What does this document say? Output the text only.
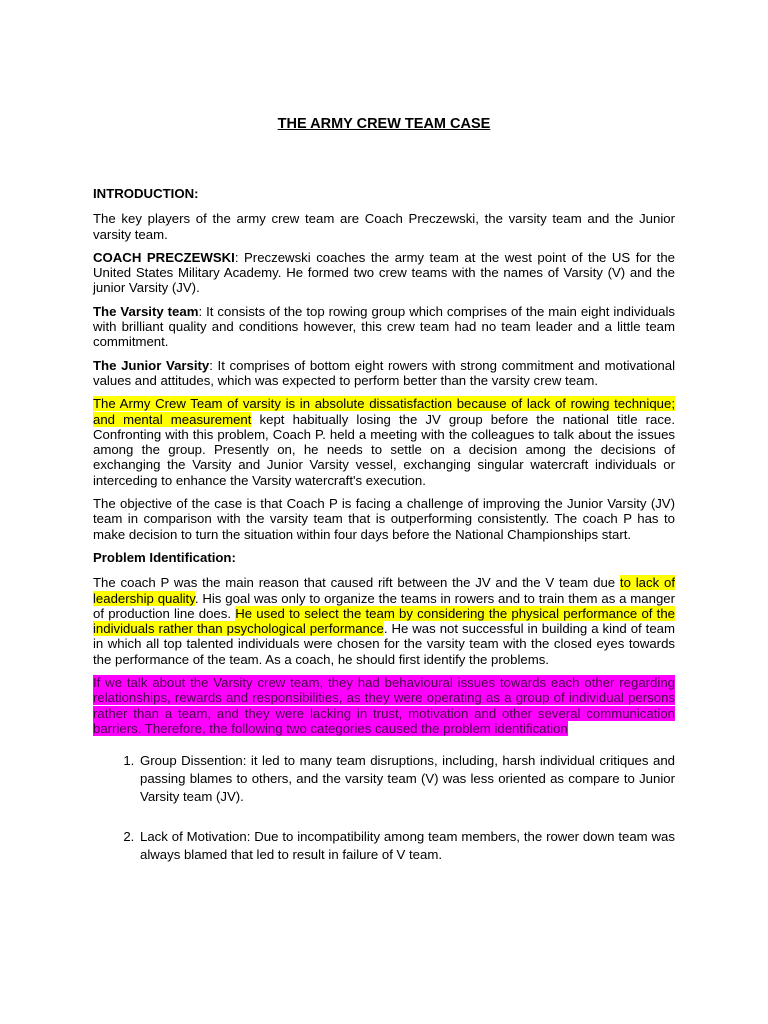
THE ARMY CREW TEAM CASE
INTRODUCTION:

The key players of the army crew team are Coach Preczewski, the varsity team and the Junior varsity team.

COACH PRECZEWSKI: Preczewski coaches the army team at the west point of the US for the United States Military Academy. He formed two crew teams with the names of Varsity (V) and the junior Varsity (JV).

The Varsity team: It consists of the top rowing group which comprises of the main eight individuals with brilliant quality and conditions however, this crew team had no team leader and a little team commitment.

The Junior Varsity: It comprises of bottom eight rowers with strong commitment and motivational values and attitudes, which was expected to perform better than the varsity crew team.

The Army Crew Team of varsity is in absolute dissatisfaction because of lack of rowing technique; and mental measurement kept habitually losing the JV group before the national title race. Confronting with this problem, Coach P. held a meeting with the colleagues to talk about the issues among the group. Presently on, he needs to settle on a decision among the decisions of exchanging the Varsity and Junior Varsity vessel, exchanging singular watercraft individuals or interceding to enhance the Varsity watercraft's execution.

The objective of the case is that Coach P is facing a challenge of improving the Junior Varsity (JV) team in comparison with the varsity team that is outperforming consistently. The coach P has to make decision to turn the situation within four days before the National Championships start.

Problem Identification:

The coach P was the main reason that caused rift between the JV and the V team due to lack of leadership quality. His goal was only to organize the teams in rowers and to train them as a manger of production line does. He used to select the team by considering the physical performance of the individuals rather than psychological performance. He was not successful in building a kind of team in which all top talented individuals were chosen for the varsity team with the closed eyes towards the performance of the team. As a coach, he should first identify the problems.

If we talk about the Varsity crew team, they had behavioural issues towards each other regarding relationships, rewards and responsibilities, as they were operating as a group of individual persons rather than a team, and they were lacking in trust, motivation and other several communication barriers. Therefore, the following two categories caused the problem identification

1. Group Dissention: it led to many team disruptions, including, harsh individual critiques and passing blames to others, and the varsity team (V) was less oriented as compare to Junior Varsity team (JV).
2. Lack of Motivation: Due to incompatibility among team members, the rower down team was always blamed that led to result in failure of V team.
